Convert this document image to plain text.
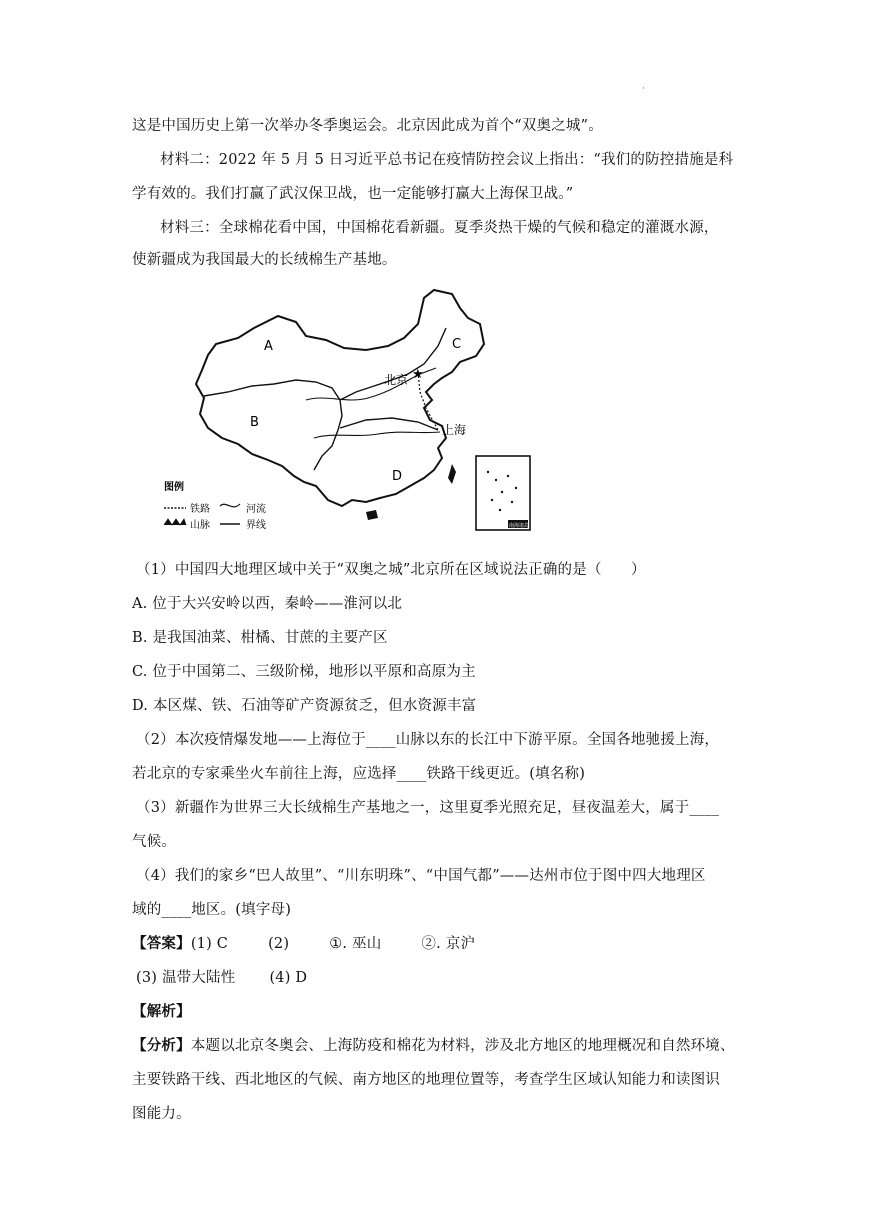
·
这是中国历史上第一次举办冬季奥运会。北京因此成为首个“双奥之城”。
材料二：2022 年 5 月 5 日习近平总书记在疫情防控会议上指出：“我们的防控措施是科
学有效的。我们打赢了武汉保卫战，也一定能够打赢大上海保卫战。”
材料三：全球棉花看中国，中国棉花看新疆。夏季炎热干燥的气候和稳定的灌溉水源，
使新疆成为我国最大的长绒棉生产基地。
★
A
B
C
D
北京
上海
南海诸岛
图例
铁路	河流
山脉	界线
（1）中国四大地理区域中关于“双奥之城”北京所在区域说法正确的是（　　）
A. 位于大兴安岭以西，秦岭——淮河以北
B. 是我国油菜、柑橘、甘蔗的主要产区
C. 位于中国第二、三级阶梯，地形以平原和高原为主
D. 本区煤、铁、石油等矿产资源贫乏，但水资源丰富
（2）本次疫情爆发地——上海位于____山脉以东的长江中下游平原。全国各地驰援上海，
若北京的专家乘坐火车前往上海，应选择____铁路干线更近。(填名称)
（3）新疆作为世界三大长绒棉生产基地之一，这里夏季光照充足，昼夜温差大，属于____
气候。
（4）我们的家乡“巴人故里”、“川东明珠”、“中国气都”——达州市位于图中四大地理区
域的____地区。(填字母)
【答案】(1) C	(2)	①. 巫山	②. 京沪
(3) 温带大陆性 (4) D
【解析】
【分析】本题以北京冬奥会、上海防疫和棉花为材料，涉及北方地区的地理概况和自然环境、
主要铁路干线、西北地区的气候、南方地区的地理位置等，考查学生区域认知能力和读图识
图能力。
